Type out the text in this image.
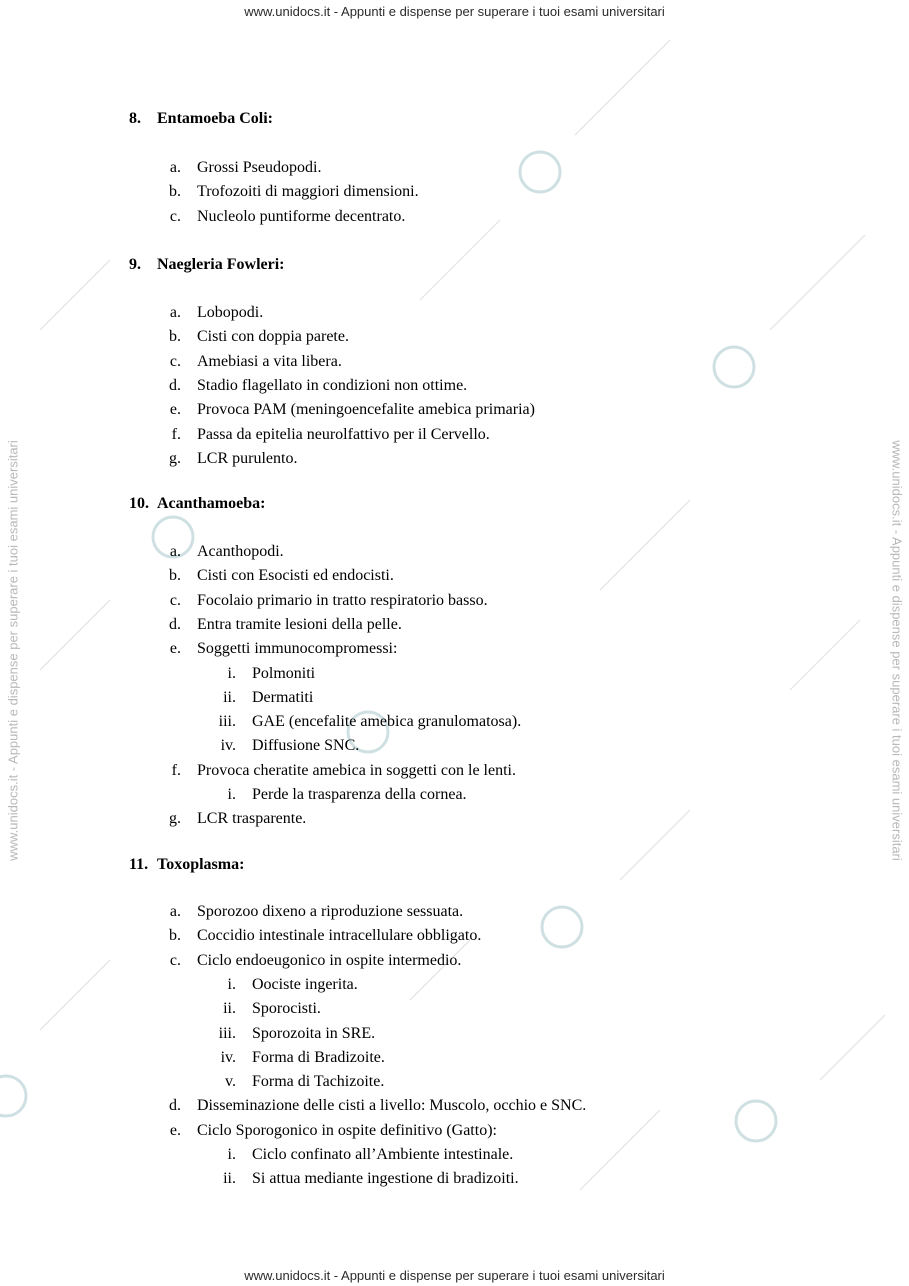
www.unidocs.it - Appunti e dispense per superare i tuoi esami universitari
www.unidocs.it - Appunti e dispense per superare i tuoi esami universitari
www.unidocs.it - Appunti e dispense per superare i tuoi esami universitari	www.unidocs.it - Appunti e dispense per superare i tuoi esami universitari
8. Entamoeba Coli:
a. Grossi Pseudopodi.
b. Trofozoiti di maggiori dimensioni.
c. Nucleolo puntiforme decentrato.
9. Naegleria Fowleri:
a. Lobopodi.
b. Cisti con doppia parete.
c. Amebiasi a vita libera.
d. Stadio flagellato in condizioni non ottime.
e. Provoca PAM (meningoencefalite amebica primaria)
f. Passa da epitelia neurolfattivo per il Cervello.
g. LCR purulento.
10. Acanthamoeba:
a. Acanthopodi.
b. Cisti con Esocisti ed endocisti.
c. Focolaio primario in tratto respiratorio basso.
d. Entra tramite lesioni della pelle.
e. Soggetti immunocompromessi:
i. Polmoniti
ii. Dermatiti
iii. GAE (encefalite amebica granulomatosa).
iv. Diffusione SNC.
f. Provoca cheratite amebica in soggetti con le lenti.
i. Perde la trasparenza della cornea.
g. LCR trasparente.
11. Toxoplasma:
a. Sporozoo dixeno a riproduzione sessuata.
b. Coccidio intestinale intracellulare obbligato.
c. Ciclo endoeugonico in ospite intermedio.
i. Oociste ingerita.
ii. Sporocisti.
iii. Sporozoita in SRE.
iv. Forma di Bradizoite.
v. Forma di Tachizoite.
d. Disseminazione delle cisti a livello: Muscolo, occhio e SNC.
e. Ciclo Sporogonico in ospite definitivo (Gatto):
i. Ciclo confinato all’Ambiente intestinale.
ii. Si attua mediante ingestione di bradizoiti.
